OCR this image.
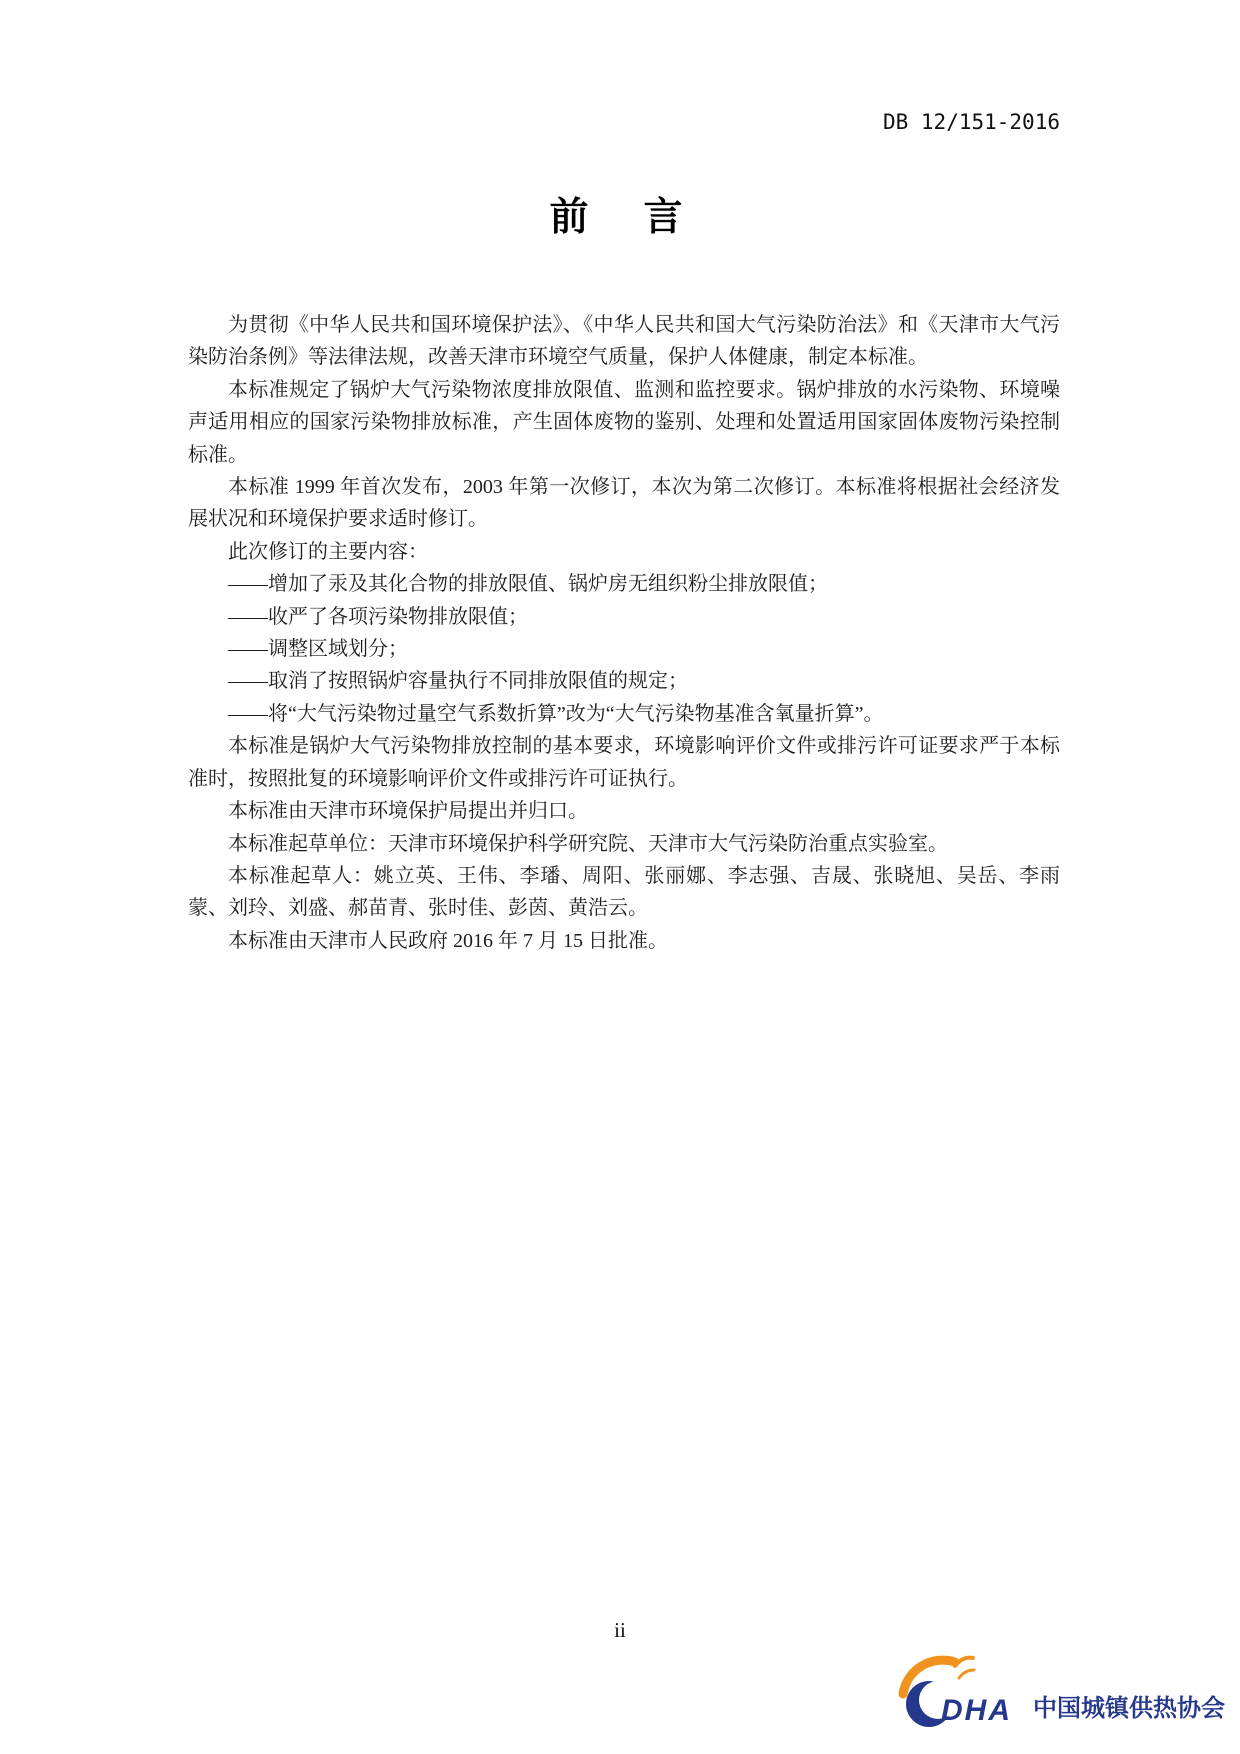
DB 12/151-2016
前　言

为贯彻《中华人民共和国环境保护法》、《中华人民共和国大气污染防治法》和《天津市大气污染防治条例》等法律法规，改善天津市环境空气质量，保护人体健康，制定本标准。

本标准规定了锅炉大气污染物浓度排放限值、监测和监控要求。锅炉排放的水污染物、环境噪声适用相应的国家污染物排放标准，产生固体废物的鉴别、处理和处置适用国家固体废物污染控制标准。

本标准 1999 年首次发布，2003 年第一次修订，本次为第二次修订。本标准将根据社会经济发展状况和环境保护要求适时修订。

此次修订的主要内容：

——增加了汞及其化合物的排放限值、锅炉房无组织粉尘排放限值；

——收严了各项污染物排放限值；

——调整区域划分；

——取消了按照锅炉容量执行不同排放限值的规定；

——将“大气污染物过量空气系数折算”改为“大气污染物基准含氧量折算”。

本标准是锅炉大气污染物排放控制的基本要求，环境影响评价文件或排污许可证要求严于本标准时，按照批复的环境影响评价文件或排污许可证执行。

本标准由天津市环境保护局提出并归口。

本标准起草单位：天津市环境保护科学研究院、天津市大气污染防治重点实验室。

本标准起草人：姚立英、王伟、李璠、周阳、张丽娜、李志强、吉晟、张晓旭、吴岳、李雨蒙、刘玲、刘盛、郝苗青、张时佳、彭茵、黄浩云。

本标准由天津市人民政府 2016 年 7 月 15 日批准。

ii
DHA 中国城镇供热协会
